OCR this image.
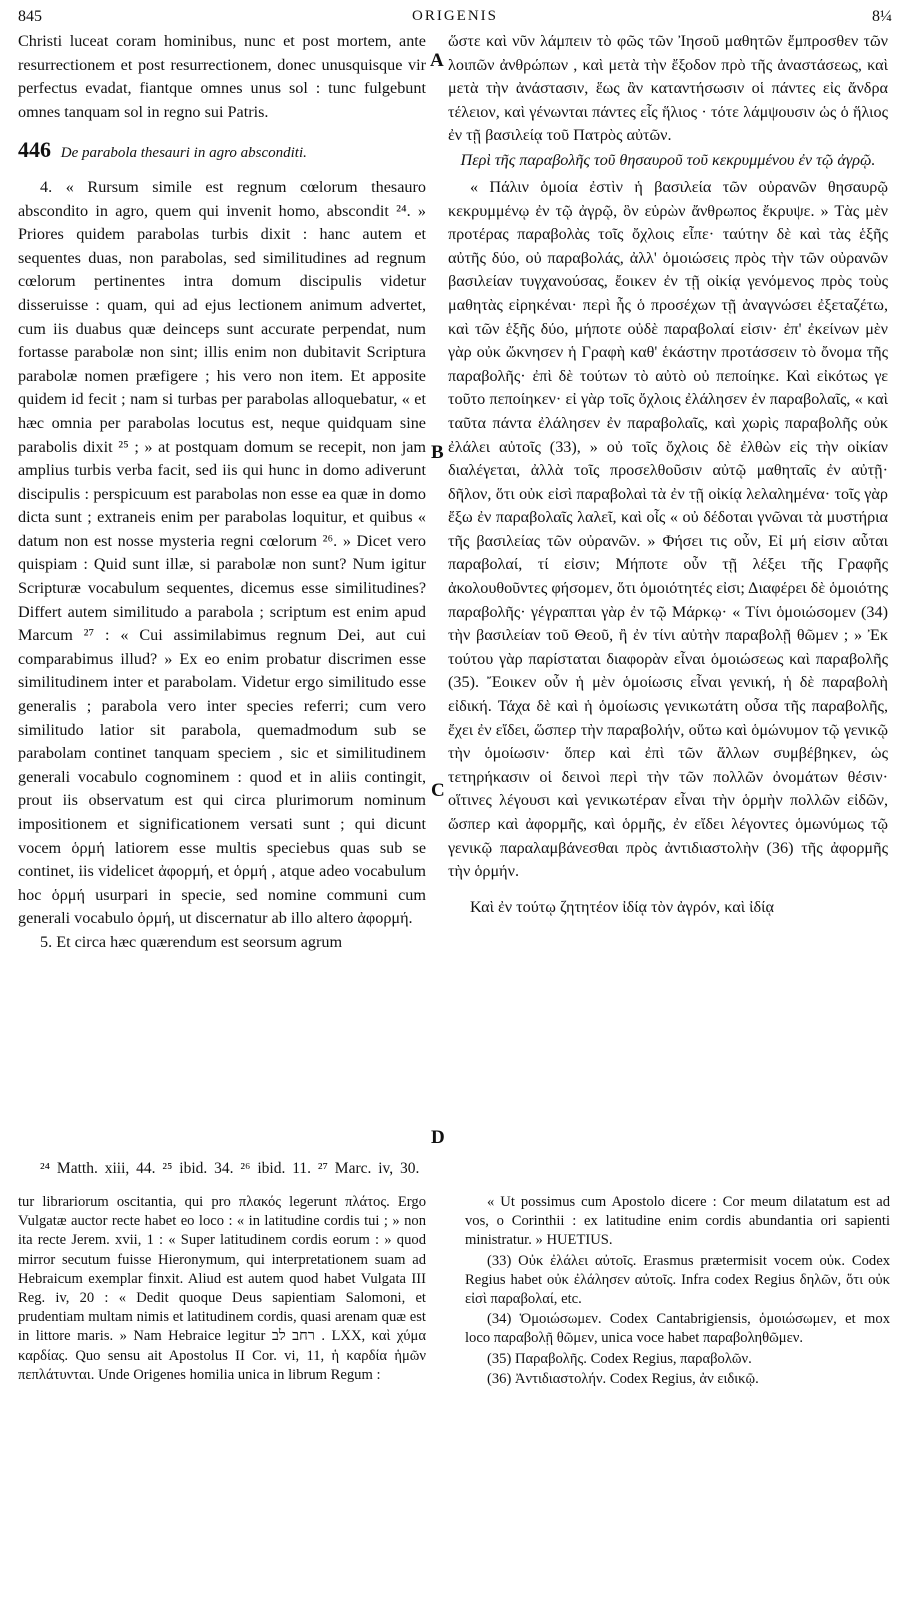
845	ORIGENIS	8¼

Christi luceat coram hominibus, nunc et post mortem, ante resurrectionem et post resurrectionem, donec unusquisque vir perfectus evadat, fiantque omnes unus sol : tunc fulgebunt omnes tanquam sol in regno sui Patris.

446 De parabola thesauri in agro absconditi.

4. « Rursum simile est regnum cœlorum thesauro abscondito in agro, quem qui invenit homo, abscondit ²⁴. » Priores quidem parabolas turbis dixit : hanc autem et sequentes duas, non parabolas, sed similitudines ad regnum cœlorum pertinentes intra domum discipulis videtur disseruisse : quam, qui ad ejus lectionem animum advertet, cum iis duabus quæ deinceps sunt accurate perpendat, num fortasse parabolæ non sint; illis enim non dubitavit Scriptura parabolæ nomen præfigere ; his vero non item. Et apposite quidem id fecit ; nam si turbas per parabolas alloquebatur, « et hæc omnia per parabolas locutus est, neque quidquam sine parabolis dixit ²⁵ ; » at postquam domum se recepit, non jam amplius turbis verba facit, sed iis qui hunc in domo adiverunt discipulis : perspicuum est parabolas non esse ea quæ in domo dicta sunt ; extraneis enim per parabolas loquitur, et quibus « datum non est nosse mysteria regni cœlorum ²⁶. » Dicet vero quispiam : Quid sunt illæ, si parabolæ non sunt? Num igitur Scripturæ vocabulum sequentes, dicemus esse similitudines? Differt autem similitudo a parabola ; scriptum est enim apud Marcum ²⁷ : « Cui assimilabimus regnum Dei, aut cui comparabimus illud? » Ex eo enim probatur discrimen esse similitudinem inter et parabolam. Videtur ergo similitudo esse generalis ; parabola vero inter species referri; cum vero similitudo latior sit parabola, quemadmodum sub se parabolam continet tanquam speciem , sic et similitudinem generali vocabulo cognominem : quod et in aliis contingit, prout iis observatum est qui circa plurimorum nominum impositionem et significationem versati sunt ; qui dicunt vocem ὁρμή latiorem esse multis speciebus quas sub se continet, iis videlicet ἀφορμή, et ὁρμή , atque adeo vocabulum hoc ὁρμή usurpari in specie, sed nomine communi cum generali vocabulo ὁρμή, ut discernatur ab illo altero ἀφορμή.

5. Et circa hæc quærendum est seorsum agrum

A
B
C
D

ὥστε καὶ νῦν λάμπειν τὸ φῶς τῶν Ἰησοῦ μαθητῶν ἔμπροσθεν τῶν λοιπῶν ἀνθρώπων , καὶ μετὰ τὴν ἔξοδον πρὸ τῆς ἀναστάσεως, καὶ μετὰ τὴν ἀνάστασιν, ἕως ἂν καταντήσωσιν οἱ πάντες εἰς ἄνδρα τέλειον, καὶ γένωνται πάντες εἷς ἥλιος · τότε λάμψουσιν ὡς ὁ ἥλιος ἐν τῇ βασιλείᾳ τοῦ Πατρὸς αὐτῶν.

Περὶ τῆς παραβολῆς τοῦ θησαυροῦ τοῦ κεκρυμμένου ἐν τῷ ἀγρῷ.

« Πάλιν ὁμοία ἐστὶν ἡ βασιλεία τῶν οὐρανῶν θησαυρῷ κεκρυμμένῳ ἐν τῷ ἀγρῷ, ὃν εὑρὼν ἄνθρωπος ἔκρυψε. » Τὰς μὲν προτέρας παραβολὰς τοῖς ὄχλοις εἶπε· ταύτην δὲ καὶ τὰς ἑξῆς αὐτῆς δύο, οὐ παραβολάς, ἀλλ' ὁμοιώσεις πρὸς τὴν τῶν οὐρανῶν βασιλείαν τυγχανούσας, ἔοικεν ἐν τῇ οἰκίᾳ γενόμενος πρὸς τοὺς μαθητὰς εἰρηκέναι· περὶ ἧς ὁ προσέχων τῇ ἀναγνώσει ἐξεταζέτω, καὶ τῶν ἑξῆς δύο, μήποτε οὐδὲ παραβολαί εἰσιν· ἐπ' ἐκείνων μὲν γὰρ οὐκ ὤκνησεν ἡ Γραφὴ καθ' ἑκάστην προτάσσειν τὸ ὄνομα τῆς παραβολῆς· ἐπὶ δὲ τούτων τὸ αὐτὸ οὐ πεποίηκε. Καὶ εἰκότως γε τοῦτο πεποίηκεν· εἰ γὰρ τοῖς ὄχλοις ἐλάλησεν ἐν παραβολαῖς, « καὶ ταῦτα πάντα ἐλάλησεν ἐν παραβολαῖς, καὶ χωρὶς παραβολῆς οὐκ ἐλάλει αὐτοῖς (33), » οὐ τοῖς ὄχλοις δὲ ἐλθὼν εἰς τὴν οἰκίαν διαλέγεται, ἀλλὰ τοῖς προσελθοῦσιν αὐτῷ μαθηταῖς ἐν αὐτῇ· δῆλον, ὅτι οὐκ εἰσὶ παραβολαὶ τὰ ἐν τῇ οἰκίᾳ λελαλημένα· τοῖς γὰρ ἔξω ἐν παραβολαῖς λαλεῖ, καὶ οἷς « οὐ δέδοται γνῶναι τὰ μυστήρια τῆς βασιλείας τῶν οὐρανῶν. » Φήσει τις οὖν, Εἰ μή εἰσιν αὗται παραβολαί, τί εἰσιν; Μήποτε οὖν τῇ λέξει τῆς Γραφῆς ἀκολουθοῦντες φήσομεν, ὅτι ὁμοιότητές εἰσι; Διαφέρει δὲ ὁμοιότης παραβολῆς· γέγραπται γὰρ ἐν τῷ Μάρκῳ· « Τίνι ὁμοιώσομεν (34) τὴν βασιλείαν τοῦ Θεοῦ, ἢ ἐν τίνι αὐτὴν παραβολῇ θῶμεν ; » Ἐκ τούτου γὰρ παρίσταται διαφορὰν εἶναι ὁμοιώσεως καὶ παραβολῆς (35). Ἔοικεν οὖν ἡ μὲν ὁμοίωσις εἶναι γενική, ἡ δὲ παραβολὴ εἰδική. Τάχα δὲ καὶ ἡ ὁμοίωσις γενικωτάτη οὖσα τῆς παραβολῆς, ἔχει ἐν εἴδει, ὥσπερ τὴν παραβολήν, οὕτω καὶ ὁμώνυμον τῷ γενικῷ τὴν ὁμοίωσιν· ὅπερ καὶ ἐπὶ τῶν ἄλλων συμβέβηκεν, ὡς τετηρήκασιν οἱ δεινοὶ περὶ τὴν τῶν πολλῶν ὀνομάτων θέσιν· οἵτινες λέγουσι καὶ γενικωτέραν εἶναι τὴν ὁρμὴν πολλῶν εἰδῶν, ὥσπερ καὶ ἀφορμῆς, καὶ ὁρμῆς, ἐν εἴδει λέγοντες ὁμωνύμως τῷ γενικῷ παραλαμβάνεσθαι πρὸς ἀντιδιαστολὴν (36) τῆς ἀφορμῆς τὴν ὁρμήν.

Καὶ ἐν τούτῳ ζητητέον ἰδίᾳ τὸν ἀγρόν, καὶ ἰδίᾳ

²⁴ Matth. xiii, 44. ²⁵ ibid. 34. ²⁶ ibid. 11. ²⁷ Marc. iv, 30.

tur librariorum oscitantia, qui pro πλακός legerunt πλάτος. Ergo Vulgatæ auctor recte habet eo loco : « in latitudine cordis tui ; » non ita recte Jerem. xvii, 1 : « Super latitudinem cordis eorum : » quod mirror secutum fuisse Hieronymum, qui interpretationem suam ad Hebraicum exemplar finxit. Aliud est autem quod habet Vulgata III Reg. iv, 20 : « Dedit quoque Deus sapientiam Salomoni, et prudentiam multam nimis et latitudinem cordis, quasi arenam quæ est in littore maris. » Nam Hebraice legitur רחב לב . LXX, καὶ χύμα καρδίας. Quo sensu ait Apostolus II Cor. vi, 11, ἡ καρδία ἡμῶν πεπλάτυνται. Unde Origenes homilia unica in librum Regum :

« Ut possimus cum Apostolo dicere : Cor meum dilatatum est ad vos, o Corinthii : ex latitudine enim cordis abundantia ori sapienti ministratur. » HUETIUS.

(33) Οὐκ ἐλάλει αὐτοῖς. Erasmus prætermisit vocem οὐκ. Codex Regius habet οὐκ ἐλάλησεν αὐτοῖς. Infra codex Regius δηλῶν, ὅτι οὐκ εἰσὶ παραβολαί, etc.

(34) Ὁμοιώσωμεν. Codex Cantabrigiensis, ὁμοιώσωμεν, et mox loco παραβολῇ θῶμεν, unica voce habet παραβοληθῶμεν.

(35) Παραβολῆς. Codex Regius, παραβολῶν.

(36) Ἀντιδιαστολήν. Codex Regius, ἀν ειδικῷ.
